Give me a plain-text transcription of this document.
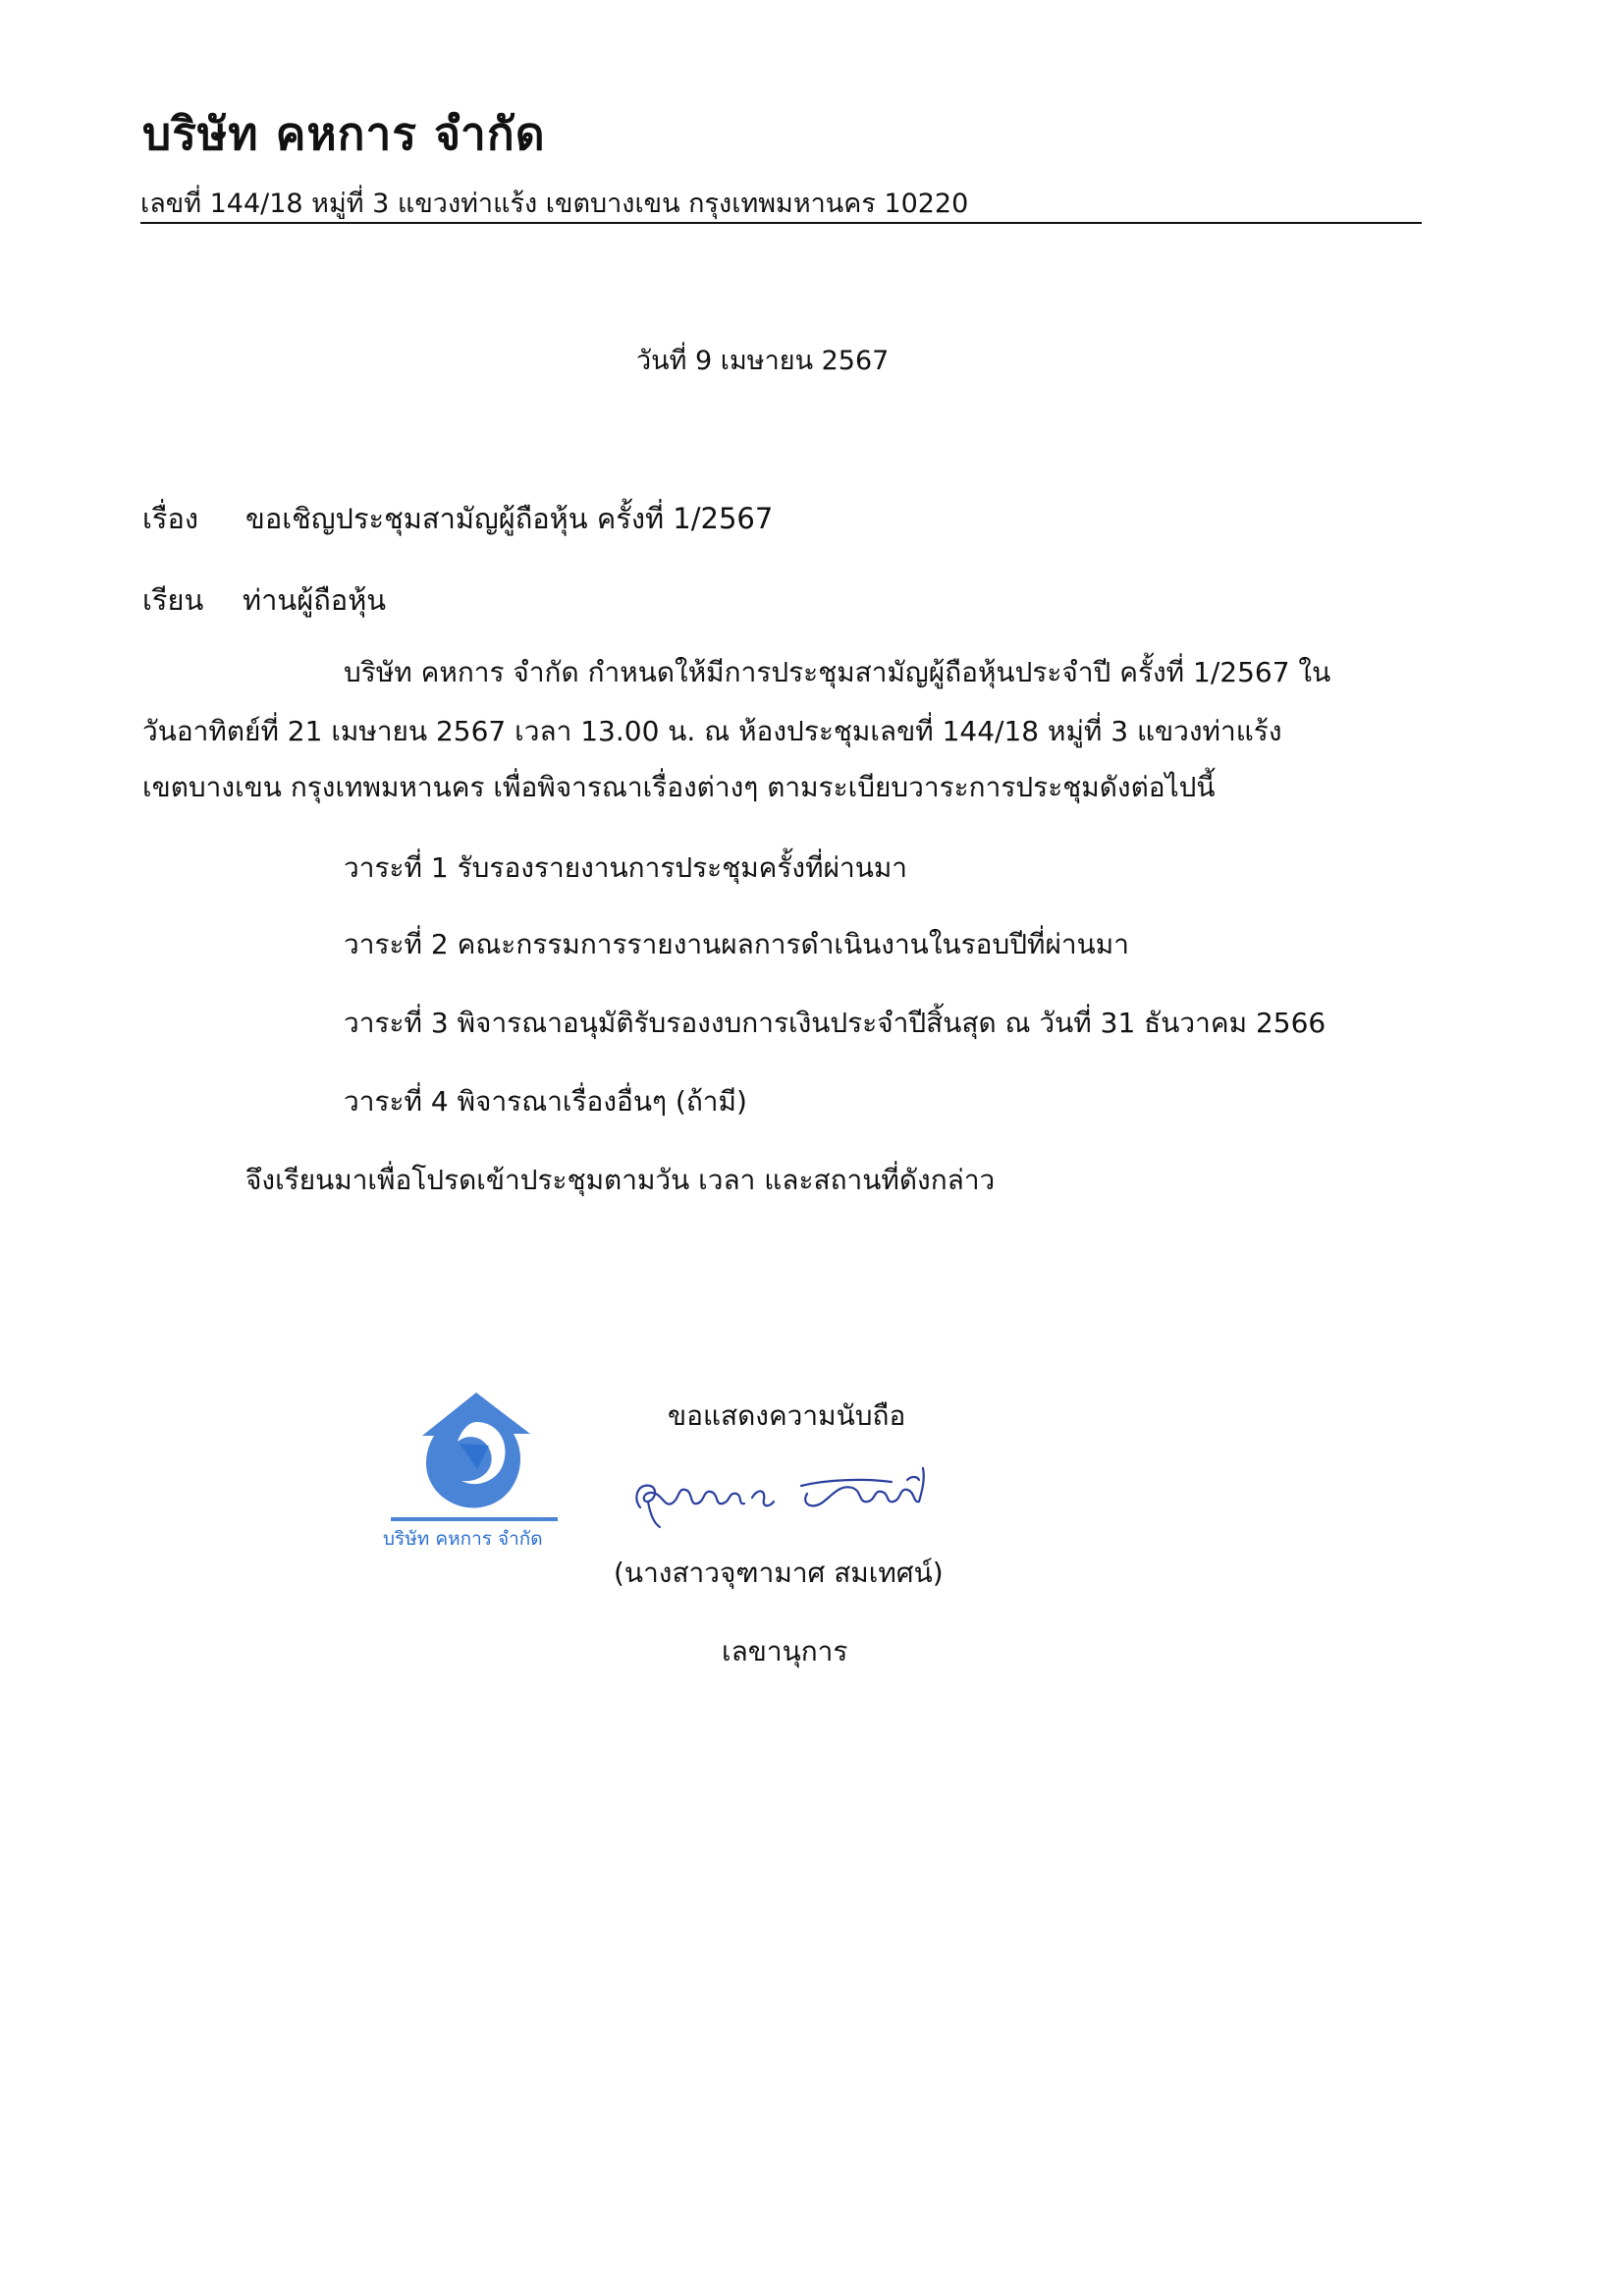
บริษัท คหการ จำกัด
เลขที่ 144/18 หมู่ที่ 3 แขวงท่าแร้ง เขตบางเขน กรุงเทพมหานคร 10220
วันที่ 9 เมษายน 2567
เรื่อง ขอเชิญประชุมสามัญผู้ถือหุ้น ครั้งที่ 1/2567
เรียน ท่านผู้ถือหุ้น
บริษัท คหการ จำกัด กำหนดให้มีการประชุมสามัญผู้ถือหุ้นประจำปี ครั้งที่ 1/2567 ใน
วันอาทิตย์ที่ 21 เมษายน 2567 เวลา 13.00 น. ณ ห้องประชุมเลขที่ 144/18 หมู่ที่ 3 แขวงท่าแร้ง
เขตบางเขน กรุงเทพมหานคร เพื่อพิจารณาเรื่องต่างๆ ตามระเบียบวาระการประชุมดังต่อไปนี้
วาระที่ 1 รับรองรายงานการประชุมครั้งที่ผ่านมา
วาระที่ 2 คณะกรรมการรายงานผลการดำเนินงานในรอบปีที่ผ่านมา
วาระที่ 3 พิจารณาอนุมัติรับรองงบการเงินประจำปีสิ้นสุด ณ วันที่ 31 ธันวาคม 2566
วาระที่ 4 พิจารณาเรื่องอื่นๆ (ถ้ามี)
จึงเรียนมาเพื่อโปรดเข้าประชุมตามวัน เวลา และสถานที่ดังกล่าว
ขอแสดงความนับถือ
(นางสาวจุฑามาศ สมเทศน์)
เลขานุการ
บริษัท คหการ จำกัด
